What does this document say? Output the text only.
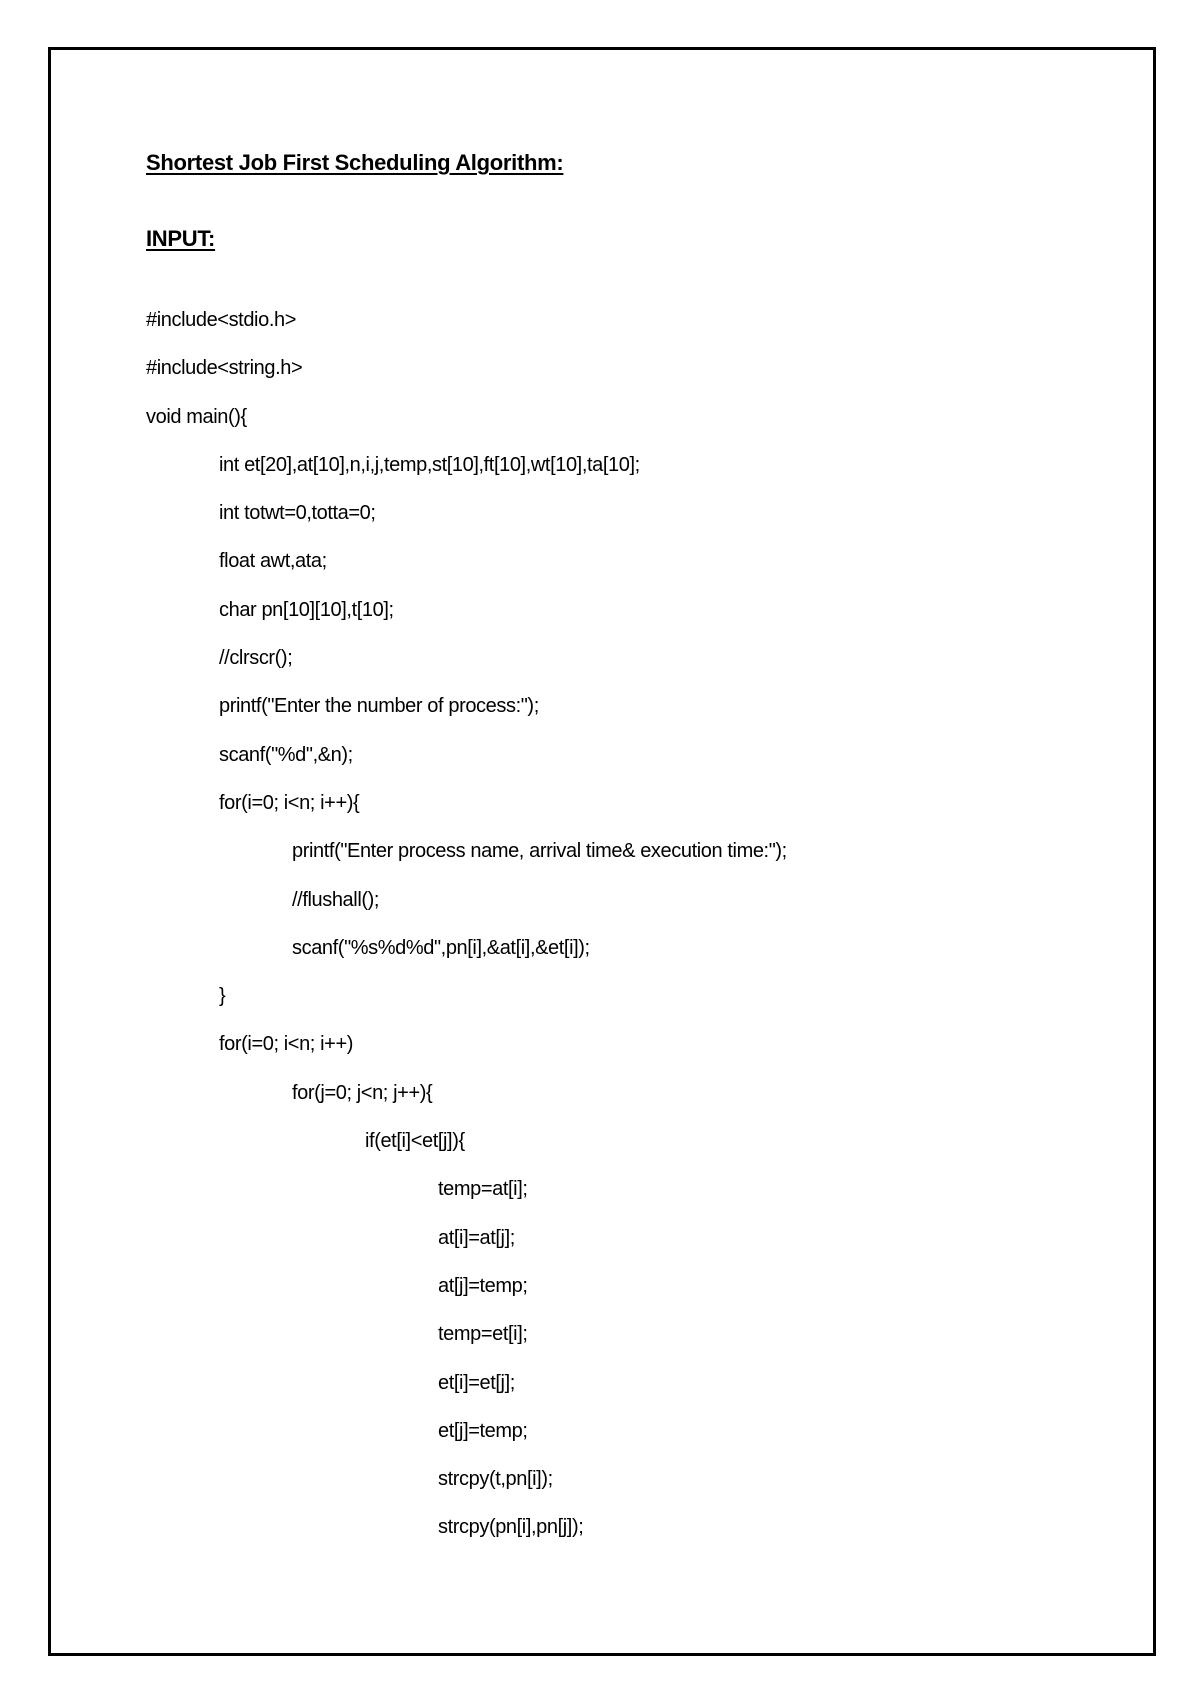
Shortest Job First Scheduling Algorithm:
INPUT:
#include<stdio.h>
#include<string.h>
void main(){
int et[20],at[10],n,i,j,temp,st[10],ft[10],wt[10],ta[10];
int totwt=0,totta=0;
float awt,ata;
char pn[10][10],t[10];
//clrscr();
printf("Enter the number of process:");
scanf("%d",&n);
for(i=0; i<n; i++){
printf("Enter process name, arrival time& execution time:");
//flushall();
scanf("%s%d%d",pn[i],&at[i],&et[i]);
}
for(i=0; i<n; i++)
for(j=0; j<n; j++){
if(et[i]<et[j]){
temp=at[i];
at[i]=at[j];
at[j]=temp;
temp=et[i];
et[i]=et[j];
et[j]=temp;
strcpy(t,pn[i]);
strcpy(pn[i],pn[j]);
